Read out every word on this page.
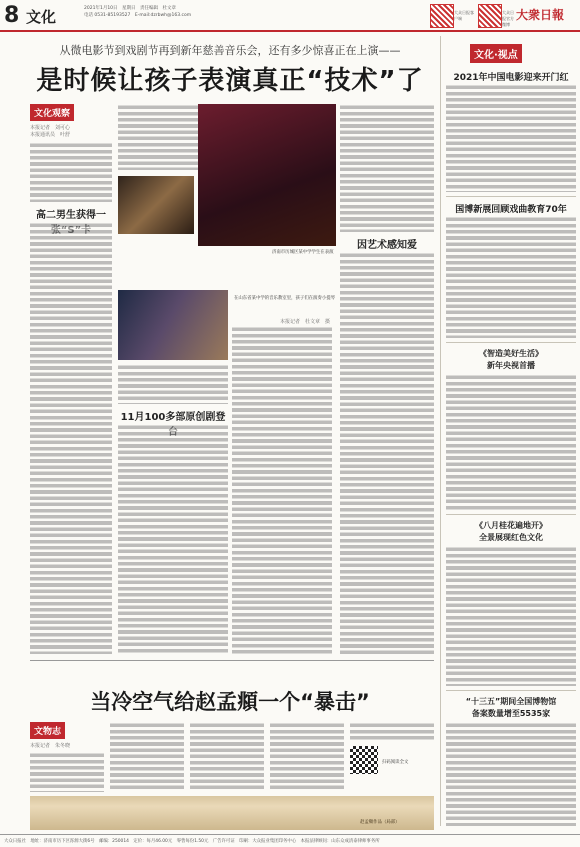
8 文化	2021年1月10日　星期日　责任编辑　杜文章
电话 0531-85193527　E-mail:dzrbwh@163.com
大众日报客户端
大众日报官方微博
大衆日報
从微电影节到戏剧节再到新年慈善音乐会，还有多少惊喜正在上演——
是时候让孩子表演真正“技术”了
文化观察
本报记者　刘可心
本报通讯员　叶舒
高二男生获得一
11月100多部原创剧登
济南市历城区某中学学生在表演
在山东省某中学的音乐教室里，孩子们在演奏小提琴
本报记者　杜文章　摄
因艺术感知爱
文化·视点
2021年中国电影迎来开门红
国博新展回顾戏曲教育70年
《智造美好生活》
新年央视首播
《八月桂花遍地开》
全景展现红色文化
“十三五”期间全国博物馆
备案数量增至5535家
当冷空气给赵孟頫一个“暴击”
文物志
本报记者　朱冬晓
扫码阅读全文
赵孟頫作品（局部）
大众日报社　地址：济南市历下区泺源大街6号　邮编：250014　定价：每月46.00元　零售每份1.50元　广告许可证　印刷：大众报业集团印务中心　本报法律顾问：山东众成清泰律师事务所
